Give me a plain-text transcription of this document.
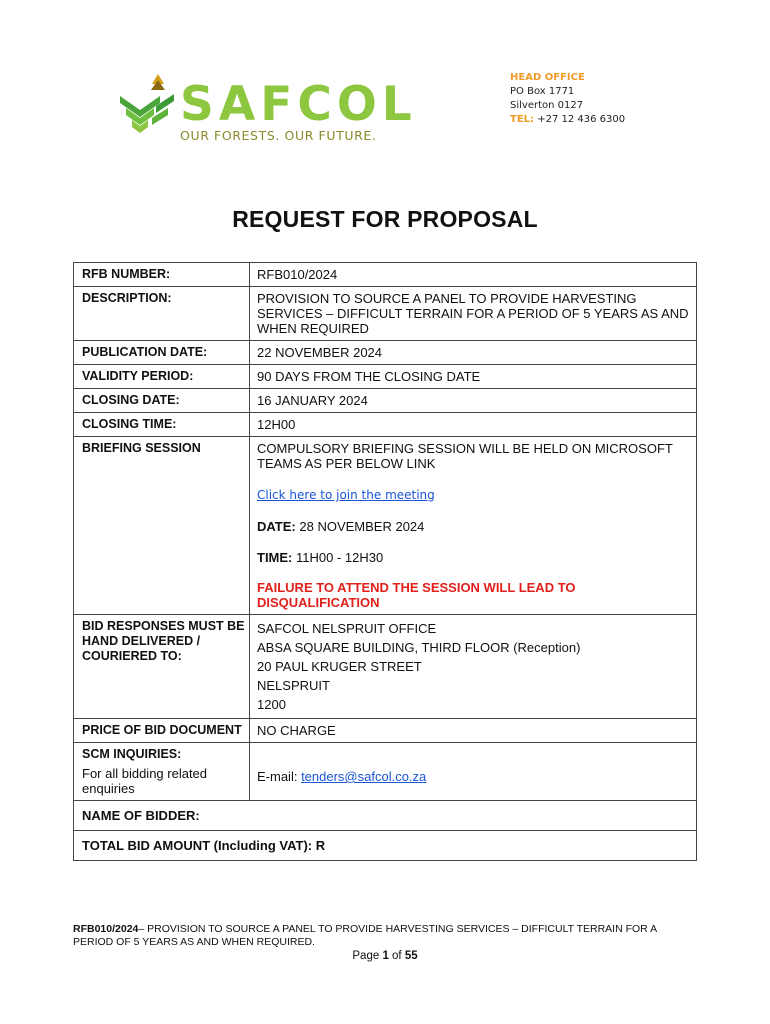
SAFCOL
OUR FORESTS. OUR FUTURE.
HEAD OFFICE
PO Box 1771
Silverton 0127
TEL: +27 12 436 6300
REQUEST FOR PROPOSAL
RFB NUMBER:	RFB010/2024
DESCRIPTION:	PROVISION TO SOURCE A PANEL TO PROVIDE HARVESTING SERVICES – DIFFICULT TERRAIN FOR A PERIOD OF 5 YEARS AS AND WHEN REQUIRED
PUBLICATION DATE:	22 NOVEMBER 2024
VALIDITY PERIOD:	90 DAYS FROM THE CLOSING DATE
CLOSING DATE:	16 JANUARY 2024
CLOSING TIME:	12H00
BRIEFING SESSION	COMPULSORY BRIEFING SESSION WILL BE HELD ON MICROSOFT TEAMS AS PER BELOW LINK
Click here to join the meeting
DATE: 28 NOVEMBER 2024
TIME: 11H00 - 12H30
FAILURE TO ATTEND THE SESSION WILL LEAD TO DISQUALIFICATION

BID RESPONSES MUST BE HAND DELIVERED / COURIERED TO:	SAFCOL NELSPRUIT OFFICE
ABSA SQUARE BUILDING, THIRD FLOOR (Reception)
20 PAUL KRUGER STREET
NELSPRUIT
1200

PRICE OF BID DOCUMENT	NO CHARGE

SCM INQUIRIES:
For all bidding related enquiries	E-mail: tenders@safcol.co.za
NAME OF BIDDER:	
TOTAL BID AMOUNT (Including VAT): R	
RFB010/2024– PROVISION TO SOURCE A PANEL TO PROVIDE HARVESTING SERVICES – DIFFICULT TERRAIN FOR A PERIOD OF 5 YEARS AS AND WHEN REQUIRED.
Page 1 of 55
